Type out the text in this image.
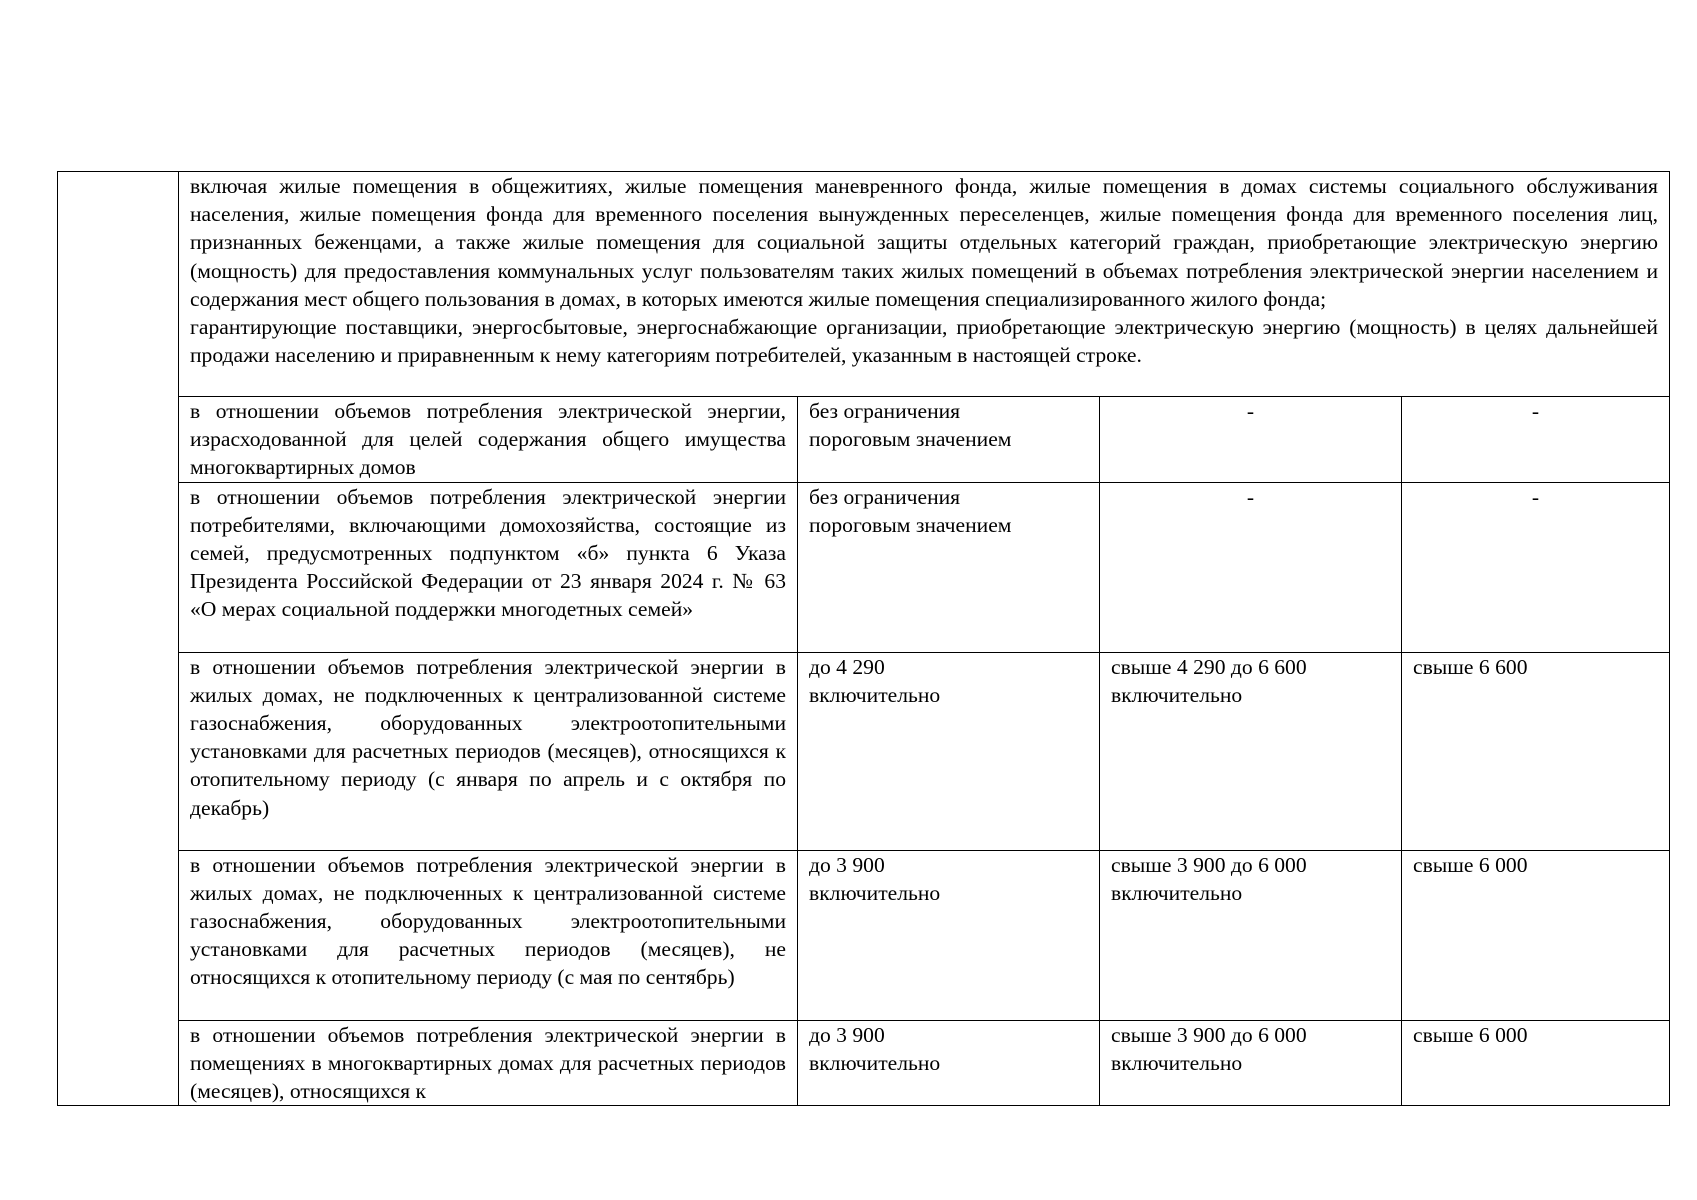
	включая жилые помещения в общежитиях, жилые помещения маневренного фонда, жилые помещения в домах системы социального обслуживания населения, жилые помещения фонда для временного поселения вынужденных переселенцев, жилые помещения фонда для временного поселения лиц, признанных беженцами, а также жилые помещения для социальной защиты отдельных категорий граждан, приобретающие электрическую энергию (мощность) для предоставления коммунальных услуг пользователям таких жилых помещений в объемах потребления электрической энергии населением и содержания мест общего пользования в домах, в которых имеются жилые помещения специализированного жилого фонда;
гарантирующие поставщики, энергосбытовые, энергоснабжающие организации, приобретающие электрическую энергию (мощность) в целях дальнейшей продажи населению и приравненным к нему категориям потребителей, указанным в настоящей строке.			

	в отношении объемов потребления электрической энергии, израсходованной для целей содержания общего имущества многоквартирных домов	без ограничения пороговым значением	-	-
	в отношении объемов потребления электрической энергии потребителями, включающими домохозяйства, состоящие из семей, предусмотренных подпунктом «б» пункта 6 Указа Президента Российской Федерации от 23 января 2024 г. № 63 «О мерах социальной поддержки многодетных семей»	без ограничения пороговым значением	-	-
	в отношении объемов потребления электрической энергии в жилых домах, не подключенных к централизованной системе газоснабжения, оборудованных электроотопительными установками для расчетных периодов (месяцев), относящихся к отопительному периоду (с января по апрель и с октября по декабрь)	до 4 290 включительно	свыше 4 290 до 6 600 включительно	свыше 6 600
	в отношении объемов потребления электрической энергии в жилых домах, не подключенных к централизованной системе газоснабжения, оборудованных электроотопительными установками для расчетных периодов (месяцев), не относящихся к отопительному периоду (с мая по сентябрь)	до 3 900 включительно	свыше 3 900 до 6 000 включительно	свыше 6 000

	в отношении объемов потребления электрической энергии в помещениях в многоквартирных домах для расчетных периодов (месяцев), относящихся к	до 3 900 включительно	свыше 3 900 до 6 000 включительно	свыше 6 000
